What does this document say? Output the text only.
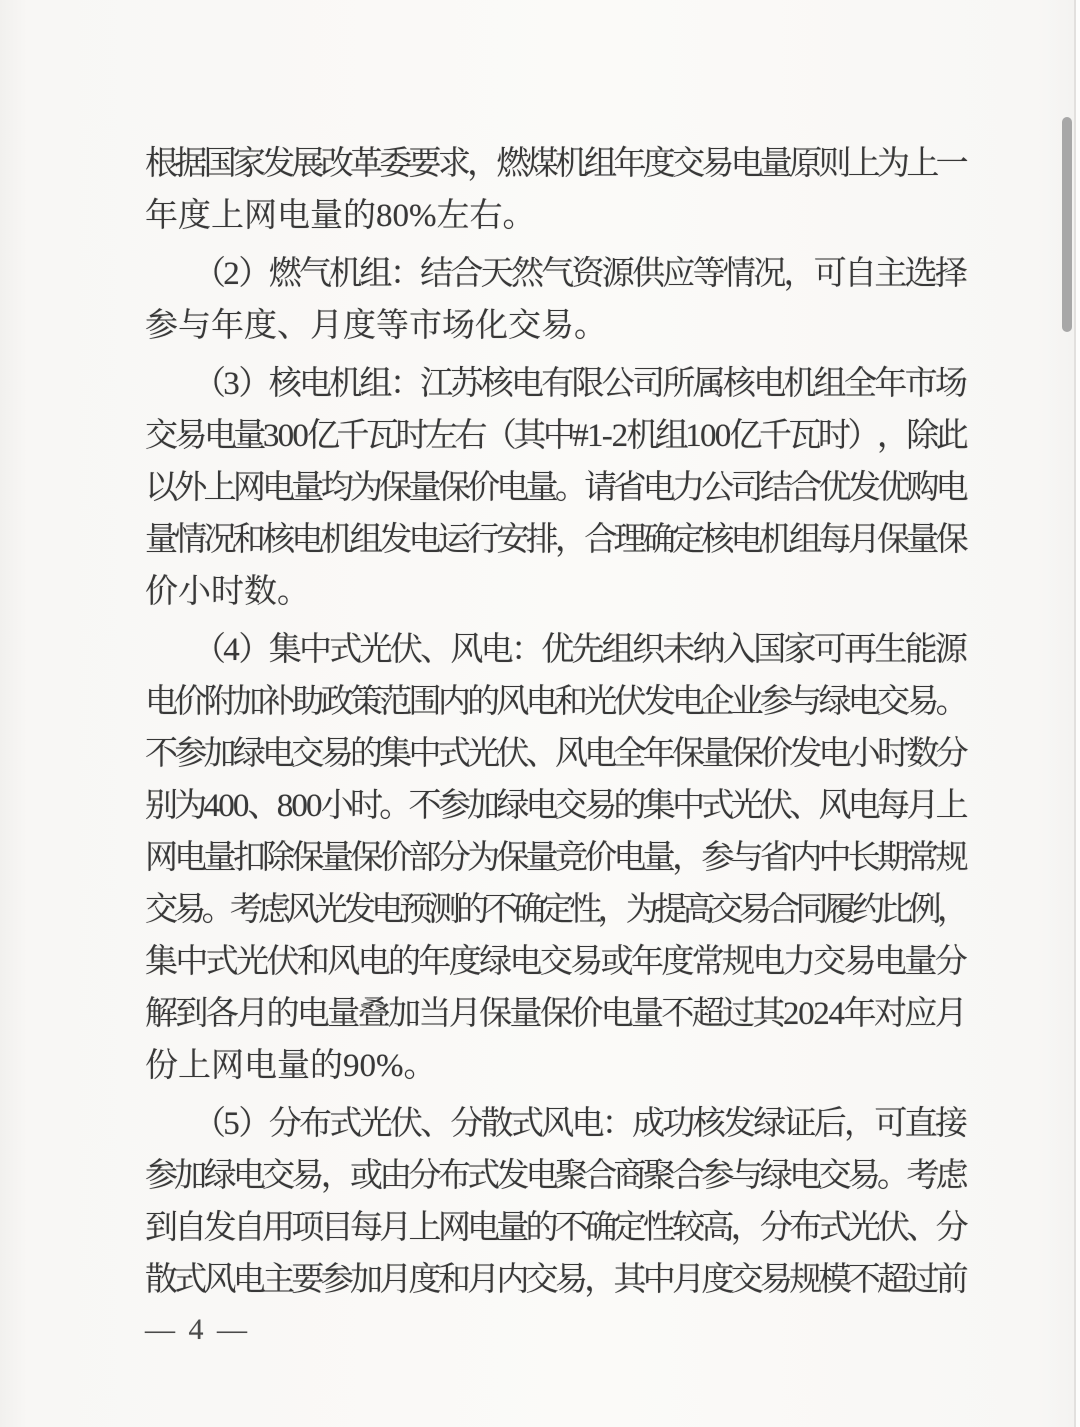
根
据
国
家
发
展
改
革
委
要
求
，
燃
煤
机
组
年
度
交
易
电
量
原
则
上
为
上
一
年度上网电量的80%左右。
（
2
）
燃
气
机
组
：
结
合
天
然
气
资
源
供
应
等
情
况
，
可
自
主
选
择
参与年度、月度等市场化交易。
（
3
）
核
电
机
组
：
江
苏
核
电
有
限
公
司
所
属
核
电
机
组
全
年
市
场
交
易
电
量
3
0
0
亿
千
瓦
时
左
右
（
其
中
#
1
-
2
机
组
1
0
0
亿
千
瓦
时
）
，
除
此
以
外
上
网
电
量
均
为
保
量
保
价
电
量
。
请
省
电
力
公
司
结
合
优
发
优
购
电
量
情
况
和
核
电
机
组
发
电
运
行
安
排
，
合
理
确
定
核
电
机
组
每
月
保
量
保
价小时数。
（
4
）
集
中
式
光
伏
、
风
电
：
优
先
组
织
未
纳
入
国
家
可
再
生
能
源
电
价
附
加
补
助
政
策
范
围
内
的
风
电
和
光
伏
发
电
企
业
参
与
绿
电
交
易
。
不
参
加
绿
电
交
易
的
集
中
式
光
伏
、
风
电
全
年
保
量
保
价
发
电
小
时
数
分
别
为
4
0
0
、
8
0
0
小
时
。
不
参
加
绿
电
交
易
的
集
中
式
光
伏
、
风
电
每
月
上
网
电
量
扣
除
保
量
保
价
部
分
为
保
量
竞
价
电
量
，
参
与
省
内
中
长
期
常
规
交
易
。
考
虑
风
光
发
电
预
测
的
不
确
定
性
，
为
提
高
交
易
合
同
履
约
比
例
，
集
中
式
光
伏
和
风
电
的
年
度
绿
电
交
易
或
年
度
常
规
电
力
交
易
电
量
分
解
到
各
月
的
电
量
叠
加
当
月
保
量
保
价
电
量
不
超
过
其
2
0
2
4
年
对
应
月
份上网电量的90%。
（
5
）
分
布
式
光
伏
、
分
散
式
风
电
：
成
功
核
发
绿
证
后
，
可
直
接
参
加
绿
电
交
易
，
或
由
分
布
式
发
电
聚
合
商
聚
合
参
与
绿
电
交
易
。
考
虑
到
自
发
自
用
项
目
每
月
上
网
电
量
的
不
确
定
性
较
高
，
分
布
式
光
伏
、
分
散
式
风
电
主
要
参
加
月
度
和
月
内
交
易
，
其
中
月
度
交
易
规
模
不
超
过
前
— 4 —
